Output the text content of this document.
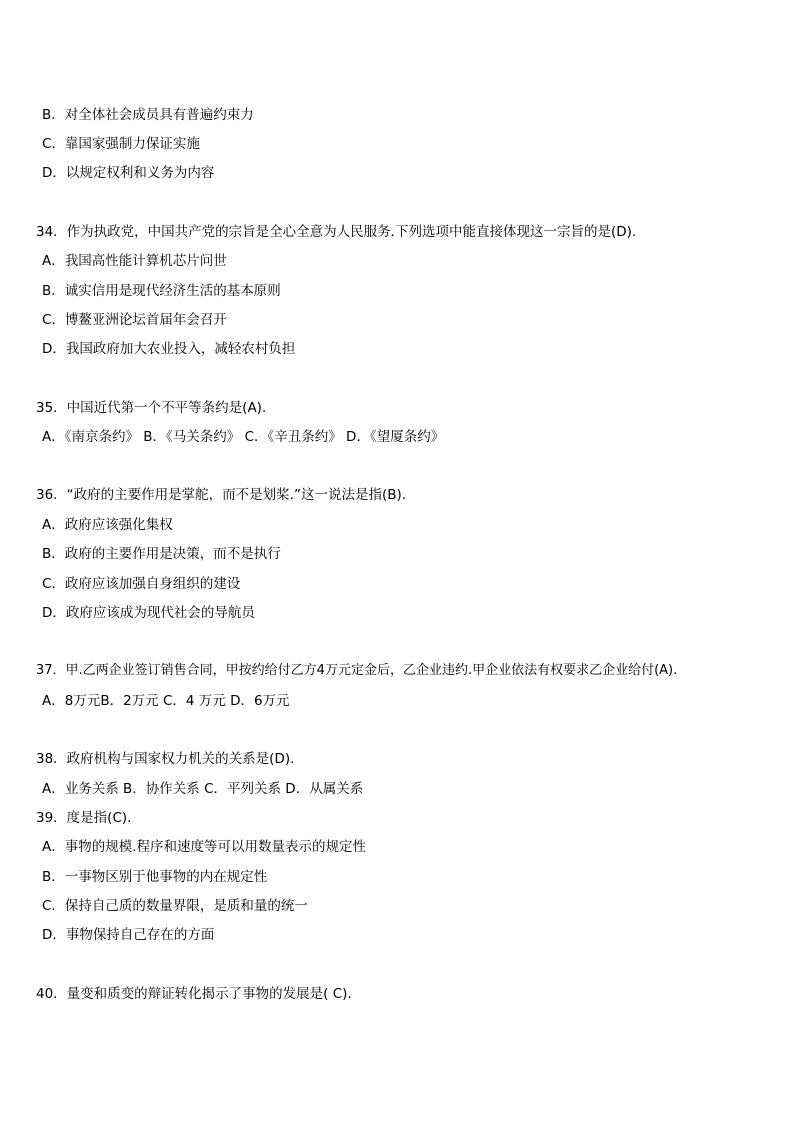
B．对全体社会成员具有普遍约束力
C．靠国家强制力保证实施
D．以规定权利和义务为内容
34．作为执政党，中国共产党的宗旨是全心全意为人民服务.下列选项中能直接体现这一宗旨的是(D).
A．我国高性能计算机芯片问世
B．诚实信用是现代经济生活的基本原则
C．博鳌亚洲论坛首届年会召开
D．我国政府加大农业投入，减轻农村负担
35．中国近代第一个不平等条约是(A).
A．《南京条约》 B．《马关条约》 C．《辛丑条约》 D．《望厦条约》
36．“政府的主要作用是掌舵，而不是划桨.”这一说法是指(B).
A．政府应该强化集权
B．政府的主要作用是决策，而不是执行
C．政府应该加强自身组织的建设
D．政府应该成为现代社会的导航员
37．甲.乙两企业签订销售合同，甲按约给付乙方4万元定金后，乙企业违约.甲企业依法有权要求乙企业给付(A).
A．8万元B．2万元 C．4 万元 D．6万元
38．政府机构与国家权力机关的关系是(D).
A．业务关系 B．协作关系 C．平列关系 D．从属关系
39．度是指(C).
A．事物的规模.程序和速度等可以用数量表示的规定性
B．一事物区别于他事物的内在规定性
C．保持自己质的数量界限，是质和量的统一
D．事物保持自己存在的方面
40．量变和质变的辩证转化揭示了事物的发展是( C).
